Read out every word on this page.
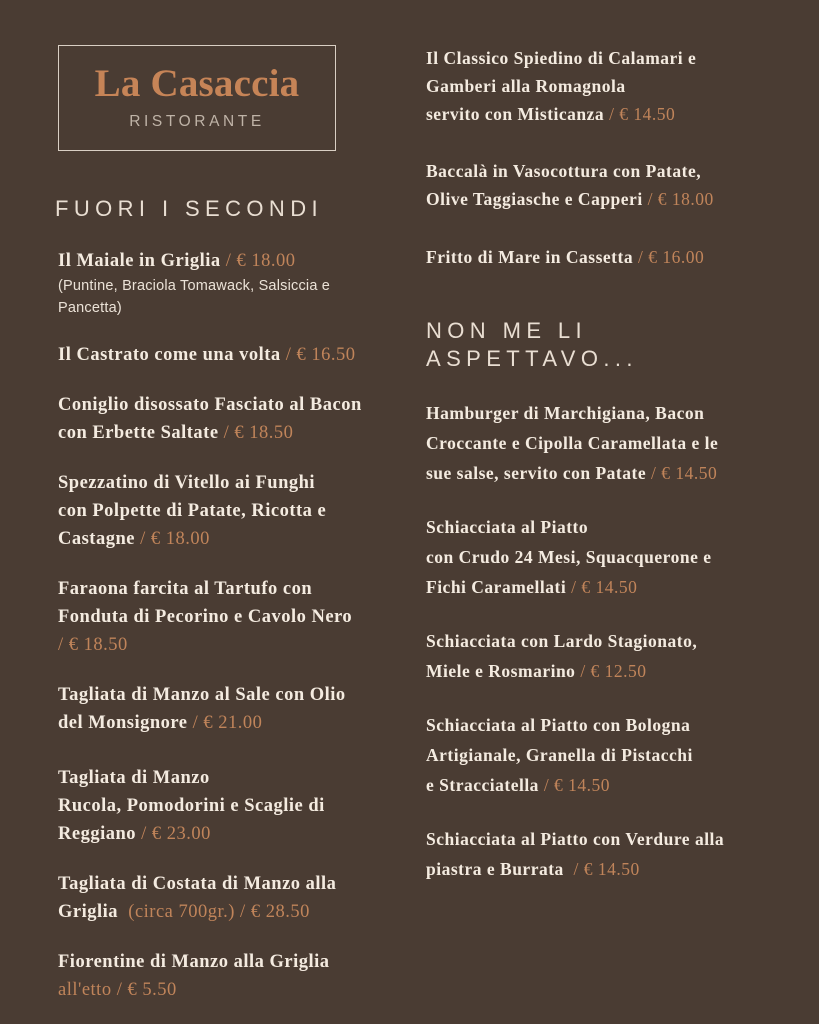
La Casaccia
RISTORANTE
FUORI I SECONDI
Il Maiale in Griglia / € 18.00
(Puntine, Braciola Tomawack, Salsiccia e Pancetta)
Il Castrato come una volta / € 16.50
Coniglio disossato Fasciato al Bacon
con Erbette Saltate / € 18.50
Spezzatino di Vitello ai Funghi
con Polpette di Patate, Ricotta e
Castagne / € 18.00
Faraona farcita al Tartufo con
Fonduta di Pecorino e Cavolo Nero
/ € 18.50
Tagliata di Manzo al Sale con Olio
del Monsignore / € 21.00
Tagliata di Manzo
Rucola, Pomodorini e Scaglie di
Reggiano / € 23.00
Tagliata di Costata di Manzo alla
Griglia  (circa 700gr.) / € 28.50
Fiorentine di Manzo alla Griglia
all'etto / € 5.50
Il Classico Spiedino di Calamari e
Gamberi alla Romagnola
servito con Misticanza / € 14.50
Baccalà in Vasocottura con Patate,
Olive Taggiasche e Capperi / € 18.00
Fritto di Mare in Cassetta / € 16.00
NON ME LI
ASPETTAVO...
Hamburger di Marchigiana, Bacon
Croccante e Cipolla Caramellata e le
sue salse, servito con Patate / € 14.50
Schiacciata al Piatto
con Crudo 24 Mesi, Squacquerone e
Fichi Caramellati / € 14.50
Schiacciata con Lardo Stagionato,
Miele e Rosmarino / € 12.50
Schiacciata al Piatto con Bologna
Artigianale, Granella di Pistacchi
e Stracciatella / € 14.50
Schiacciata al Piatto con Verdure alla
piastra e Burrata  / € 14.50
